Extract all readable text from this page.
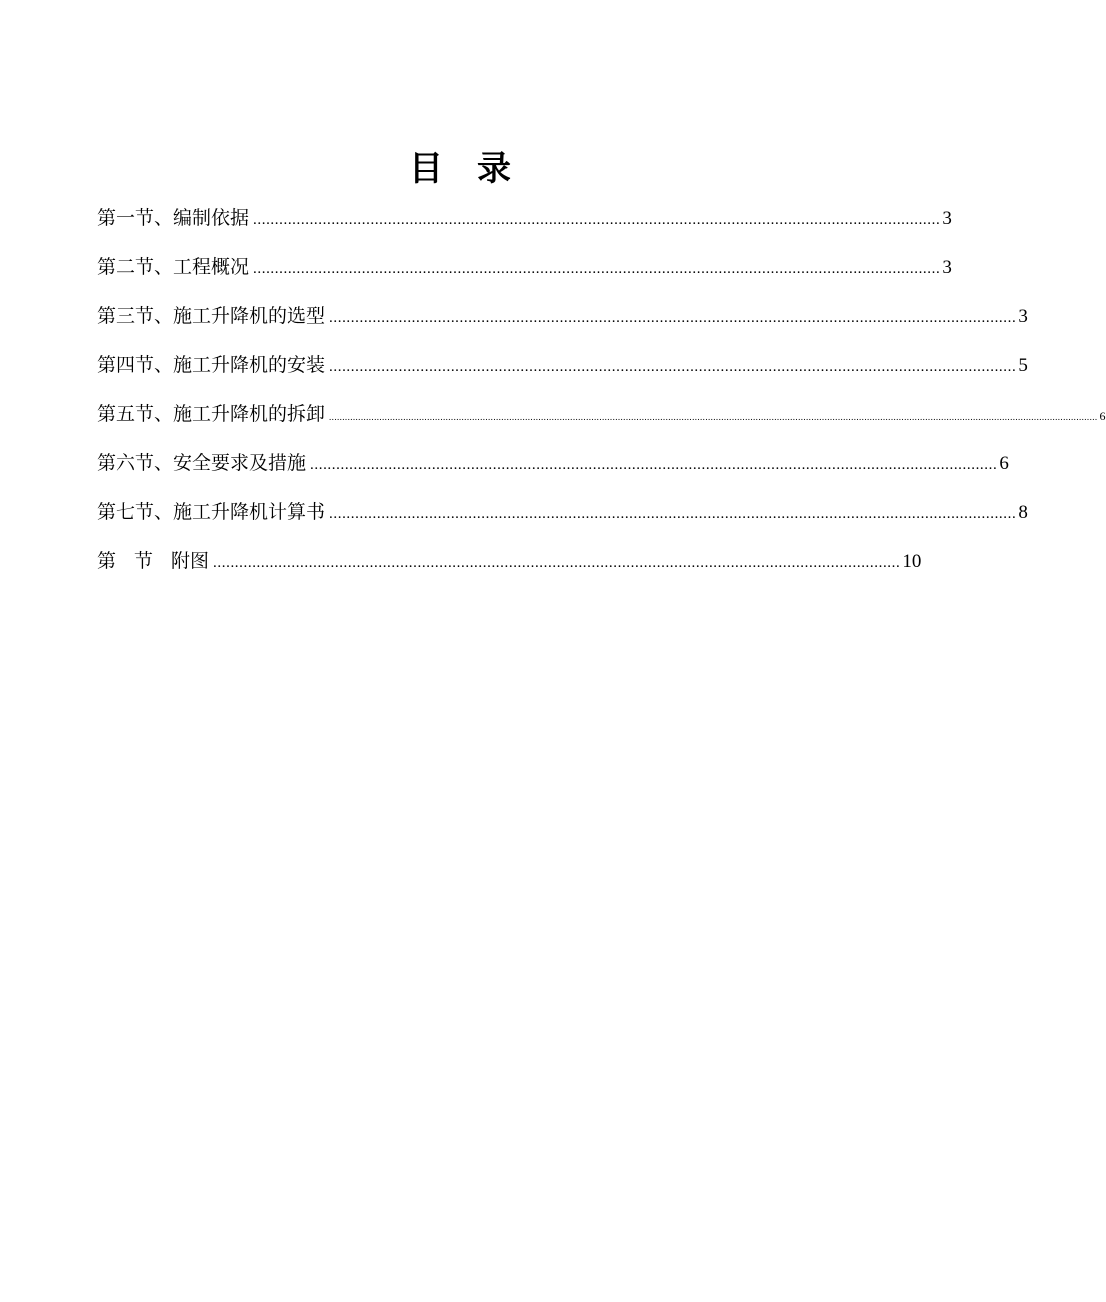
目 录
第一节、编制依据 .............................................................................................................................................................. 3
第二节、工程概况 .............................................................................................................................................................. 3
第三节、施工升降机的选型 .............................................................................................................................................................. 3
第四节、施工升降机的安装 .............................................................................................................................................................. 5
第五节、施工升降机的拆卸 .................................................................................................................................................................................................................................................................................................. 6
第六节、安全要求及措施 .............................................................................................................................................................. 6
第七节、施工升降机计算书 .............................................................................................................................................................. 8
第 节 附图 .............................................................................................................................................................. 10
